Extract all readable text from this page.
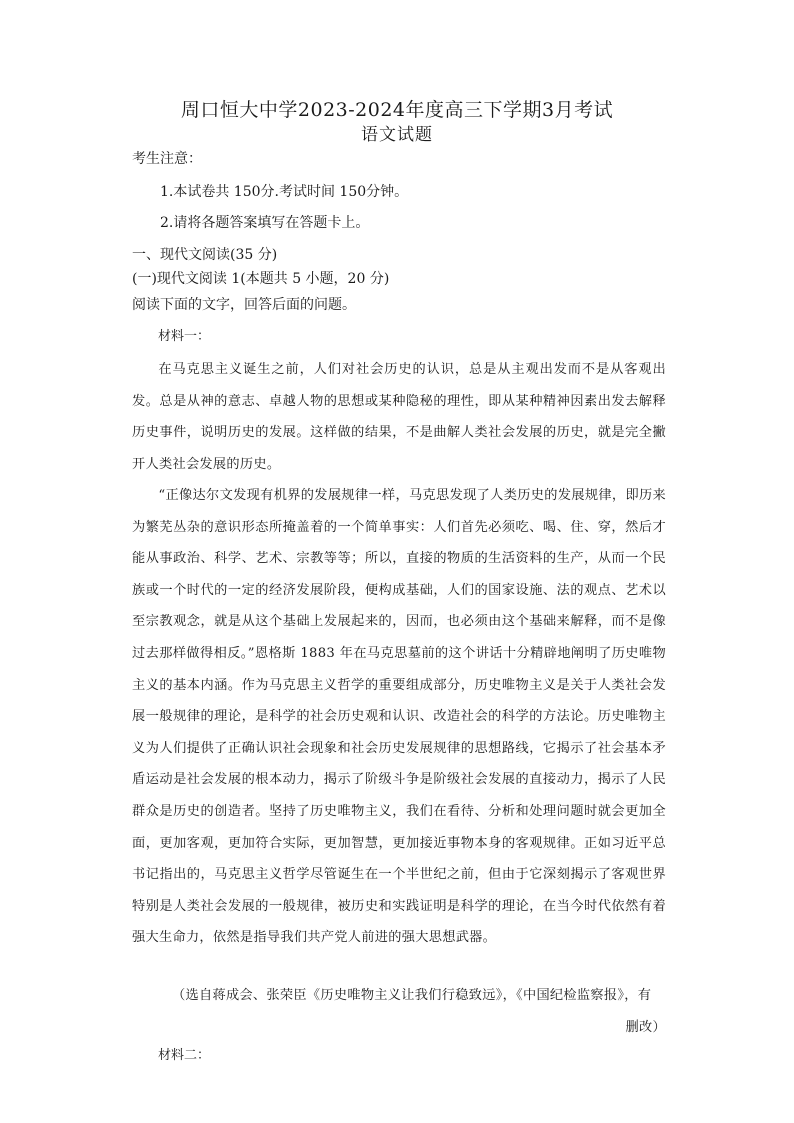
周口恒大中学2023-2024年度高三下学期3月考试
语文试题
考生注意：
1.本试卷共 150分.考试时间 150分钟。
2.请将各题答案填写在答题卡上。
一、现代文阅读(35 分)
(一)现代文阅读 1(本题共 5 小题，20 分)
阅读下面的文字，回答后面的问题。
材料一：
在马克思主义诞生之前，人们对社会历史的认识，总是从主观出发而不是从客观出发。总是从神的意志、卓越人物的思想或某种隐秘的理性，即从某种精神因素出发去解释历史事件，说明历史的发展。这样做的结果，不是曲解人类社会发展的历史，就是完全撇开人类社会发展的历史。
“正像达尔文发现有机界的发展规律一样，马克思发现了人类历史的发展规律，即历来为繁芜丛杂的意识形态所掩盖着的一个简单事实：人们首先必须吃、喝、住、穿，然后才能从事政治、科学、艺术、宗教等等；所以，直接的物质的生活资料的生产，从而一个民族或一个时代的一定的经济发展阶段，便构成基础，人们的国家设施、法的观点、艺术以至宗教观念，就是从这个基础上发展起来的，因而，也必须由这个基础来解释，而不是像过去那样做得相反。”恩格斯 1883 年在马克思墓前的这个讲话十分精辟地阐明了历史唯物主义的基本内涵。作为马克思主义哲学的重要组成部分，历史唯物主义是关于人类社会发展一般规律的理论，是科学的社会历史观和认识、改造社会的科学的方法论。历史唯物主义为人们提供了正确认识社会现象和社会历史发展规律的思想路线，它揭示了社会基本矛盾运动是社会发展的根本动力，揭示了阶级斗争是阶级社会发展的直接动力，揭示了人民群众是历史的创造者。坚持了历史唯物主义，我们在看待、分析和处理问题时就会更加全面，更加客观，更加符合实际，更加智慧，更加接近事物本身的客观规律。正如习近平总书记指出的，马克思主义哲学尽管诞生在一个半世纪之前，但由于它深刻揭示了客观世界特别是人类社会发展的一般规律，被历史和实践证明是科学的理论，在当今时代依然有着强大生命力，依然是指导我们共产党人前进的强大思想武器。
（选自蒋成会、张荣臣《历史唯物主义让我们行稳致远》，《中国纪检监察报》，有
删改）
材料二：
